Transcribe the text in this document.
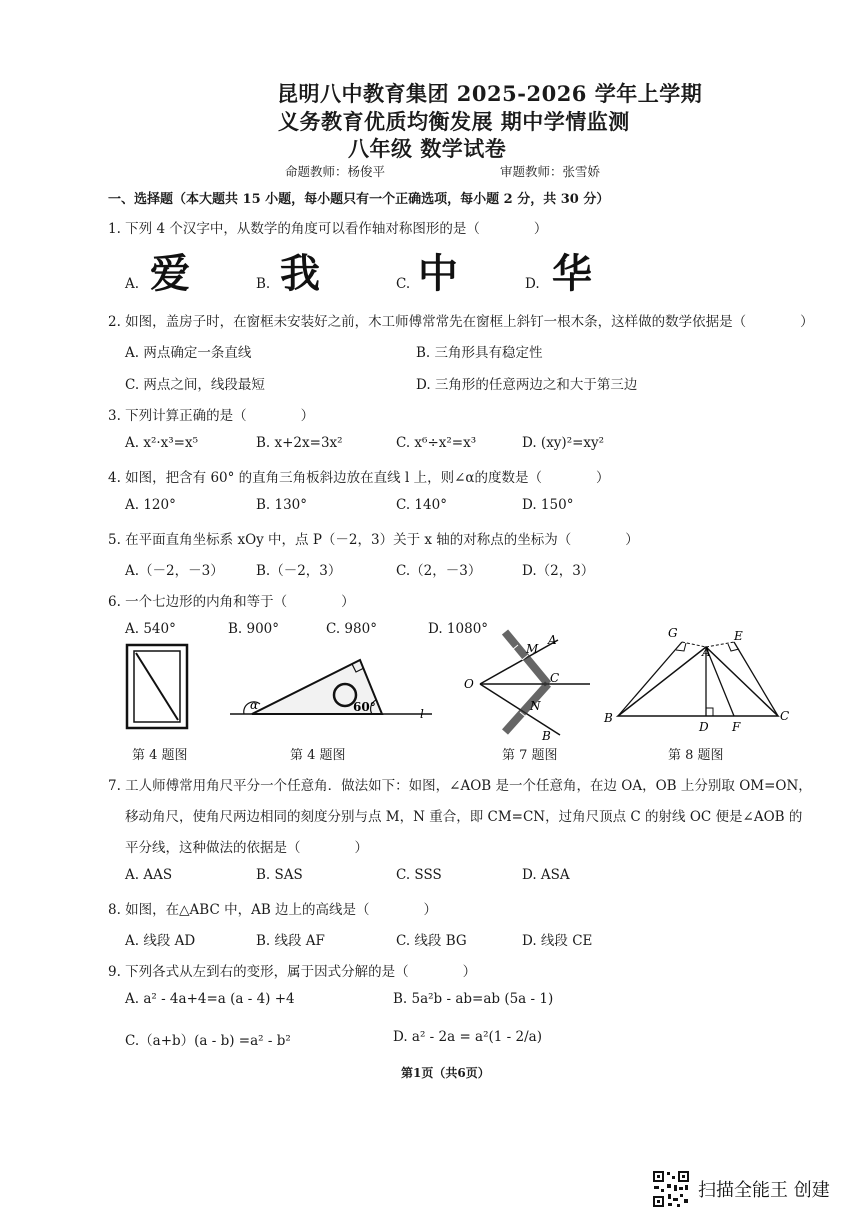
昆明八中教育集团 2025-2026 学年上学期
义务教育优质均衡发展 期中学情监测
八年级 数学试卷
命题教师：杨俊平	审题教师：张雪娇
一、选择题（本大题共 15 小题，每小题只有一个正确选项，每小题 2 分，共 30 分）
1. 下列 4 个汉字中，从数学的角度可以看作轴对称图形的是（　　　　）
A. 爱	B. 我	C. 中	D. 华
2. 如图，盖房子时，在窗框未安装好之前，木工师傅常常先在窗框上斜钉一根木条，这样做的数学依据是（　　　　）
A. 两点确定一条直线	B. 三角形具有稳定性
C. 两点之间，线段最短	D. 三角形的任意两边之和大于第三边
3. 下列计算正确的是（　　　　）
A. x²·x³=x⁵	B. x+2x=3x²	C. x⁶÷x²=x³	D. (xy)²=xy²
4. 如图，把含有 60° 的直角三角板斜边放在直线 l 上，则∠α的度数是（　　　　）
A. 120°	B. 130°	C. 140°	D. 150°
5. 在平面直角坐标系 xOy 中，点 P（－2，3）关于 x 轴的对称点的坐标为（　　　　）
A.（－2，－3） B.（－2，3）	C.（2，－3）	D.（2，3）
6. 一个七边形的内角和等于（　　　　）
A. 540°	B. 900°	C. 980°	D. 1080°
α	60°	l
O
M
A
C
N
B
G
A
E
B
D F
C
第 4 题图	第 4 题图	第 7 题图	第 8 题图
7. 工人师傅常用角尺平分一个任意角．做法如下：如图，∠AOB 是一个任意角，在边 OA，OB 上分别取 OM=ON，
移动角尺，使角尺两边相同的刻度分别与点 M，N 重合，即 CM=CN，过角尺顶点 C 的射线 OC 便是∠AOB 的
平分线，这种做法的依据是（　　　　）
A. AAS	B. SAS	C. SSS	D. ASA
8. 如图，在△ABC 中，AB 边上的高线是（　　　　）
A. 线段 AD	B. 线段 AF	C. 线段 BG	D. 线段 CE
9. 下列各式从左到右的变形，属于因式分解的是（　　　　）
A. a² - 4a+4=a (a - 4) +4	B. 5a²b - ab=ab (5a - 1)
C.（a+b）(a - b) =a² - b²	D. a² - 2a = a²(1 - 2/a)
第1页（共6页）
扫描全能王 创建
